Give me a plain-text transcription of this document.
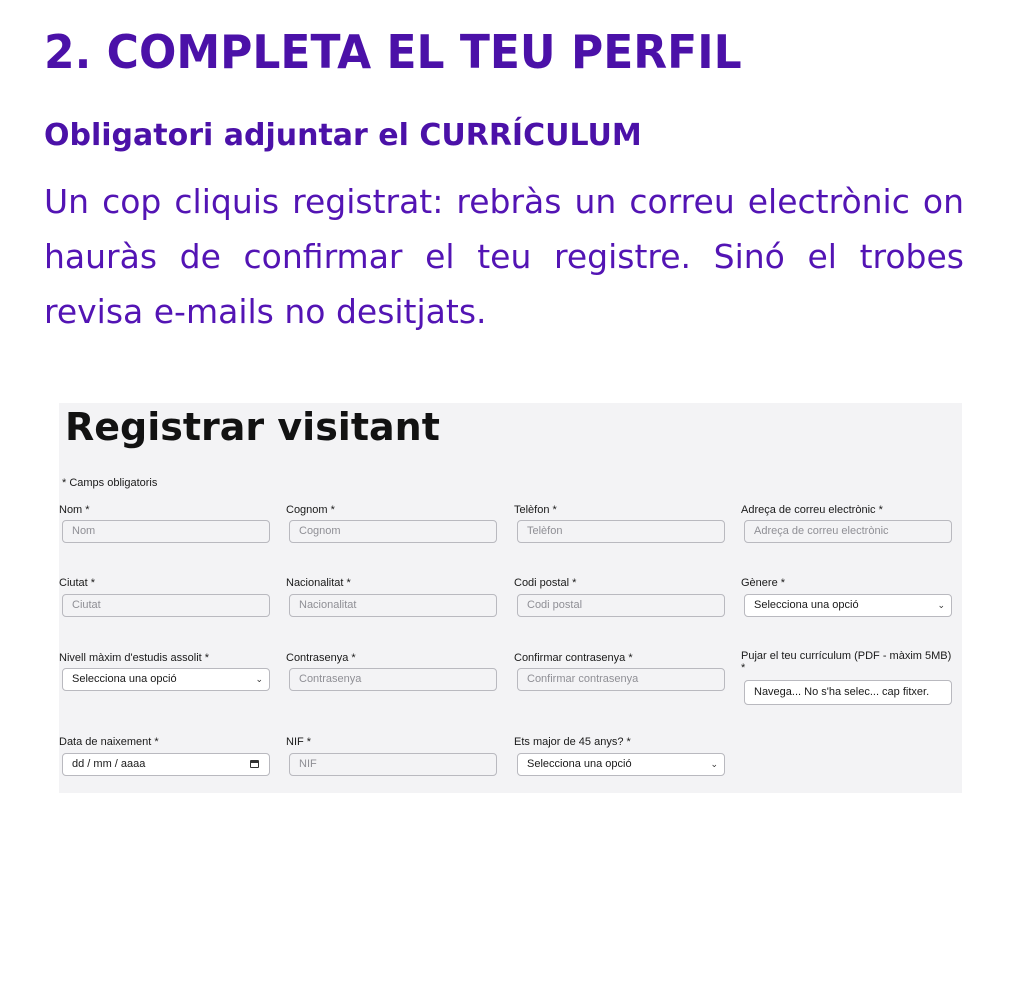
2. COMPLETA EL TEU PERFIL
Obligatori adjuntar el CURRÍCULUM

Un cop cliquis registrat: rebràs un correu electrònic on hauràs de confirmar el teu registre. Sinó el trobes revisa e-mails no desitjats.

Registrar visitant
* Camps obligatoris
Nom *
Nom
Cognom *
Cognom
Telèfon *
Telèfon
Adreça de correu electrònic *
Adreça de correu electrònic
Ciutat *
Ciutat
Nacionalitat *
Nacionalitat
Codi postal *
Codi postal
Gènere *
Selecciona una opció	⌄
Nivell màxim d'estudis assolit *
Selecciona una opció	⌄
Contrasenya *
Contrasenya
Confirmar contrasenya *
Confirmar contrasenya
Pujar el teu currículum (PDF - màxim 5MB) *
Navega... No s'ha selec... cap fitxer.
Data de naixement *
dd / mm / aaaa
NIF *
NIF
Ets major de 45 anys? *
Selecciona una opció	⌄
